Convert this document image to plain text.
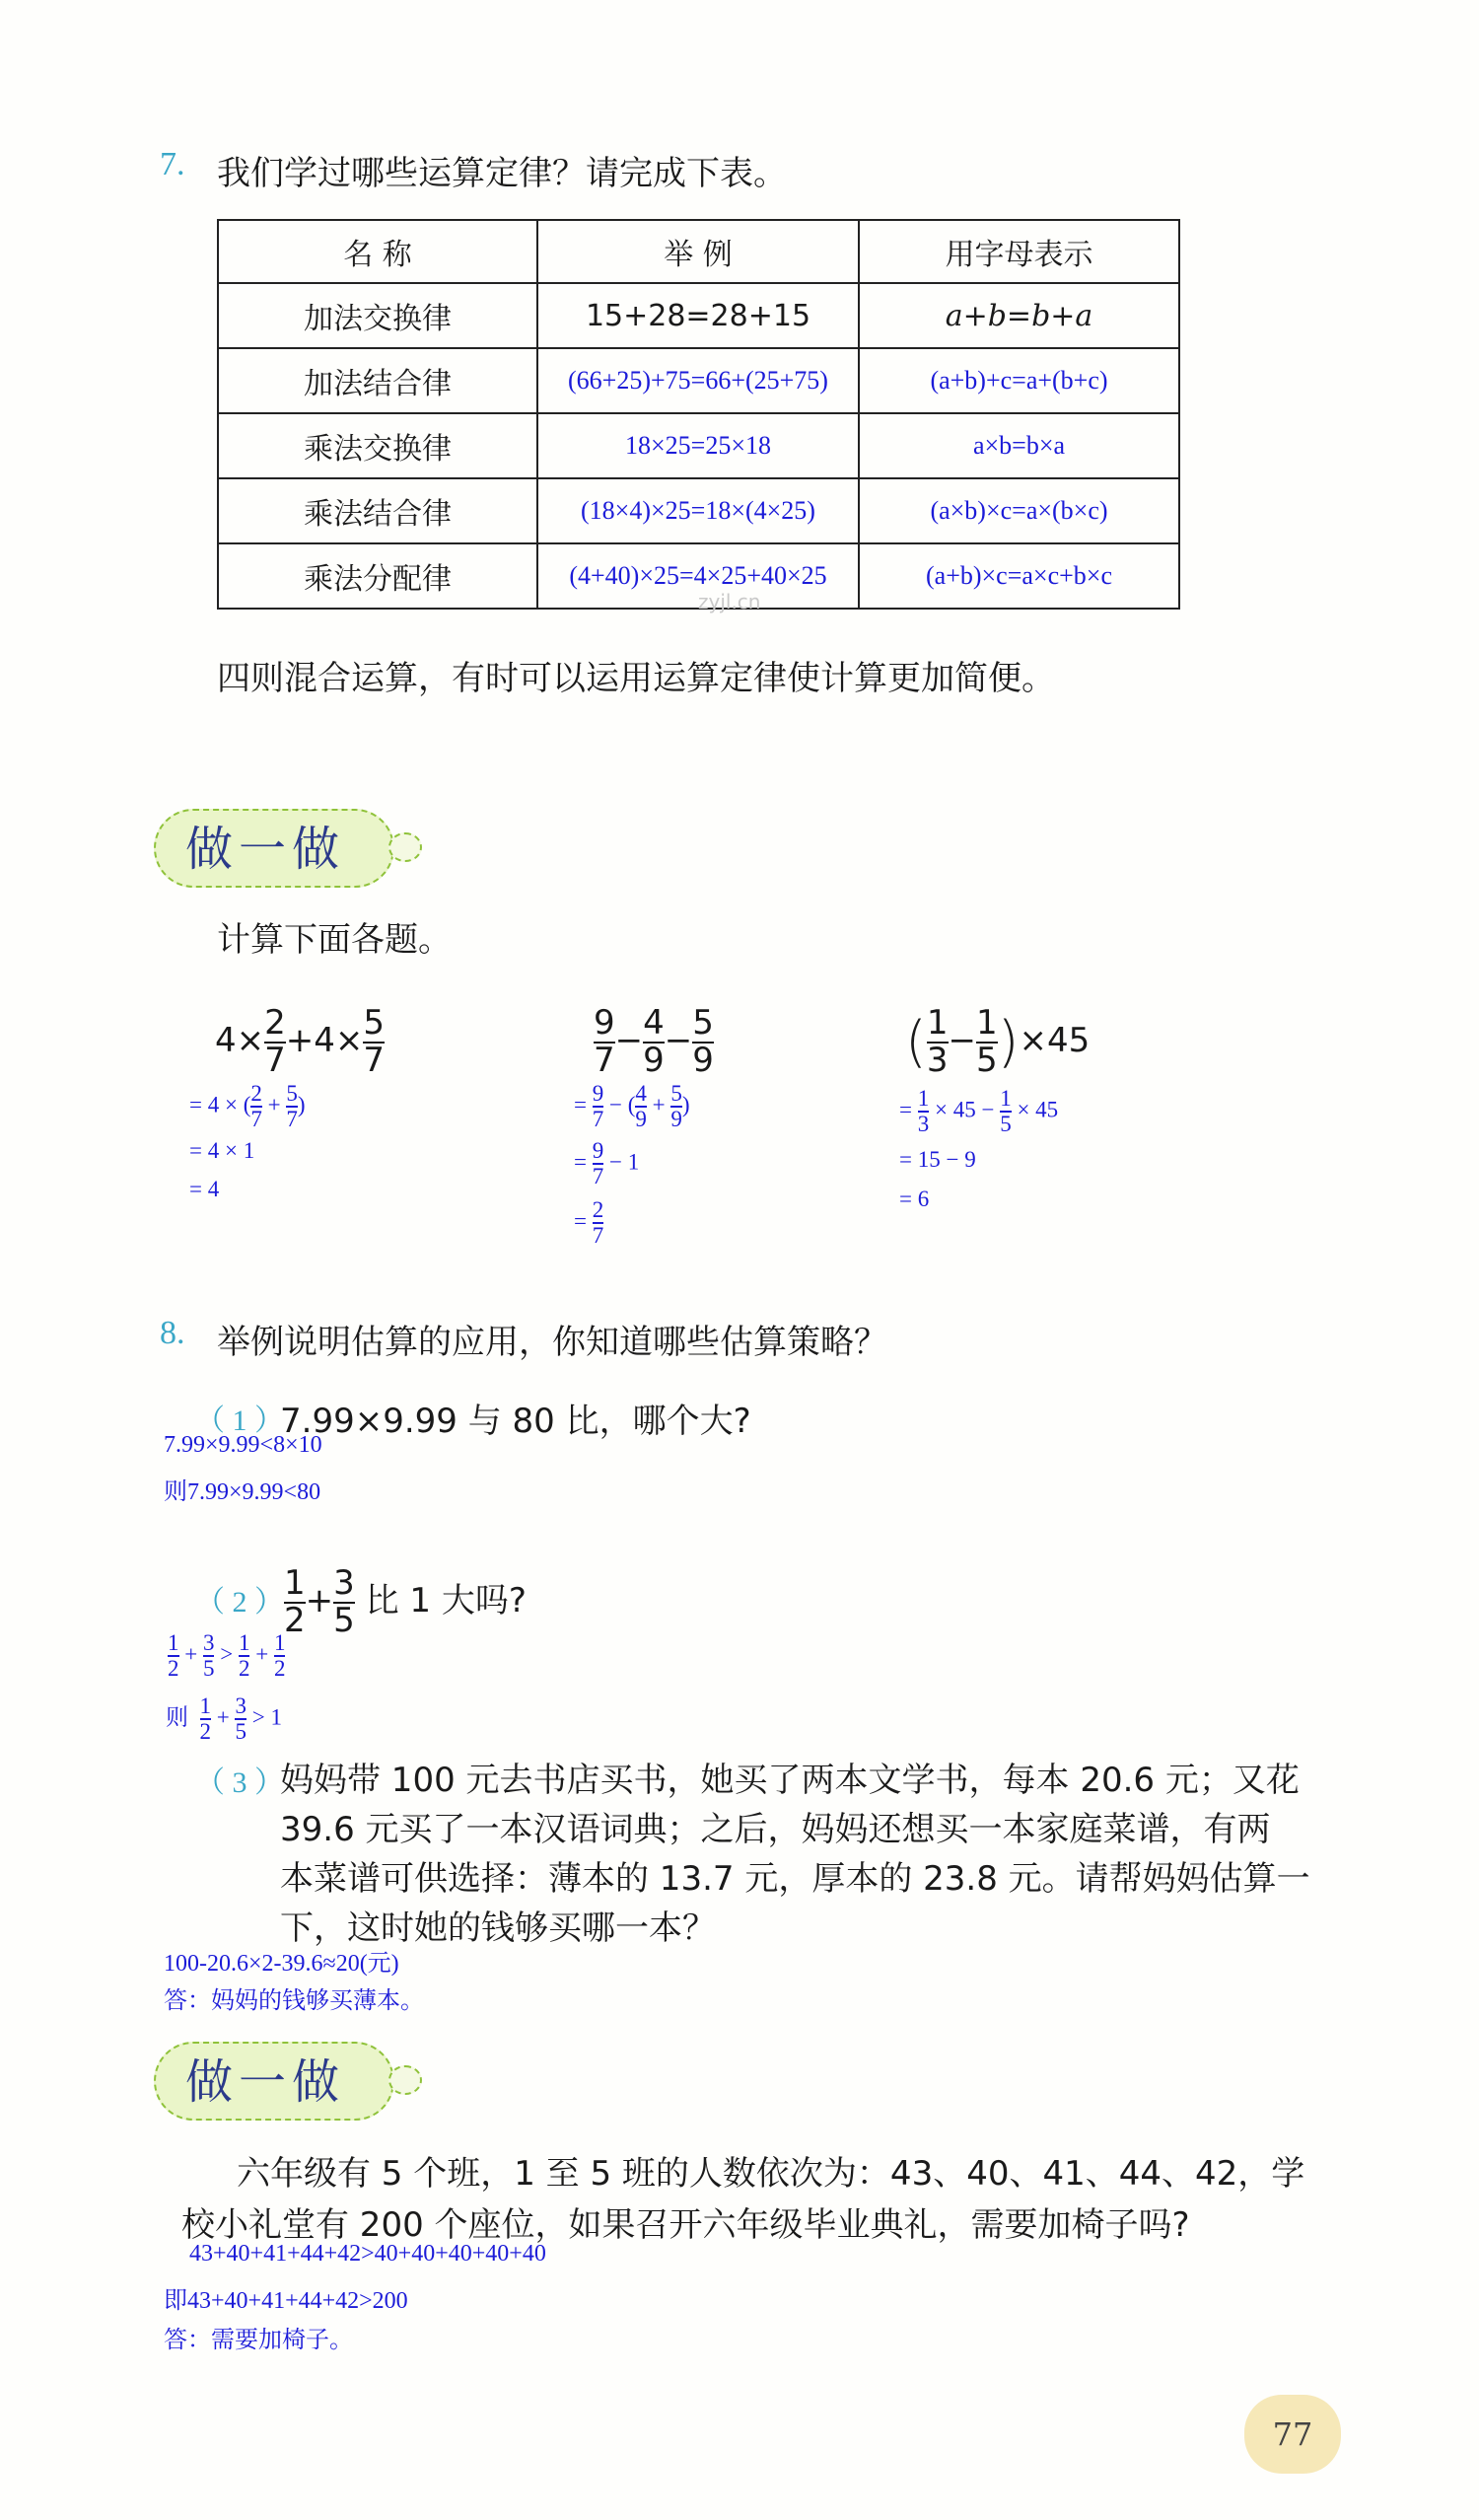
7. 我们学过哪些运算定律？请完成下表。
名 称	举 例	用字母表示
加法交换律	15+28=28+15	a+b=b+a
加法结合律	(66+25)+75=66+(25+75)	(a+b)+c=a+(b+c)
乘法交换律	18×25=25×18	a×b=b×a
乘法结合律	(18×4)×25=18×(4×25)	(a×b)×c=a×(b×c)
乘法分配律	(4+40)×25=4×25+40×25	(a+b)×c=a×c+b×c
zyjl.cn
四则混合运算，有时可以运用运算定律使计算更加简便。
做一做
计算下面各题。
$4\times \frac{2}{7} +4\times \frac{5}{7}$
= 4 × ( $\frac{2}{7} + \frac{5}{7}$ )
= 4 × 1
= 4
$\frac{9}{7} - \frac{4}{9} - \frac{5}{9}$
= $\frac{9}{7}$ − ( $\frac{4}{9} + \frac{5}{9}$ )
= $\frac{9}{7} - 1$
= $\frac{2}{7}$
( $\frac{1}{3} - \frac{1}{5} )\times 45$
= $\frac{1}{3} \times 45 - \frac{1}{5} \times 45$
= 15 − 9
= 6
8. 举例说明估算的应用，你知道哪些估算策略？
（ 1 ）
7.99×9.99 与 80 比，哪个大?
7.99×9.99<8×10
则7.99×9.99<80
（ 2 ） $\frac{1}{2} + \frac{3}{5}$ 比 1 大吗?
$\frac{1}{2} + \frac{3}{5} > \frac{1}{2} + \frac{1}{2}$
则 $\frac{1}{2} + \frac{3}{5} > 1$
（ 3 ）
妈妈带 100 元去书店买书，她买了两本文学书，每本 20.6 元；又花
39.6 元买了一本汉语词典；之后，妈妈还想买一本家庭菜谱，有两
本菜谱可供选择：薄本的 13.7 元，厚本的 23.8 元。请帮妈妈估算一
下，这时她的钱够买哪一本？
100-20.6×2-39.6≈20(元)
答：妈妈的钱够买薄本。
做一做
六年级有 5 个班，1 至 5 班的人数依次为：43、40、41、44、42，学
校小礼堂有 200 个座位，如果召开六年级毕业典礼，需要加椅子吗?
43+40+41+44+42>40+40+40+40+40
即43+40+41+44+42>200
答：需要加椅子。
77
